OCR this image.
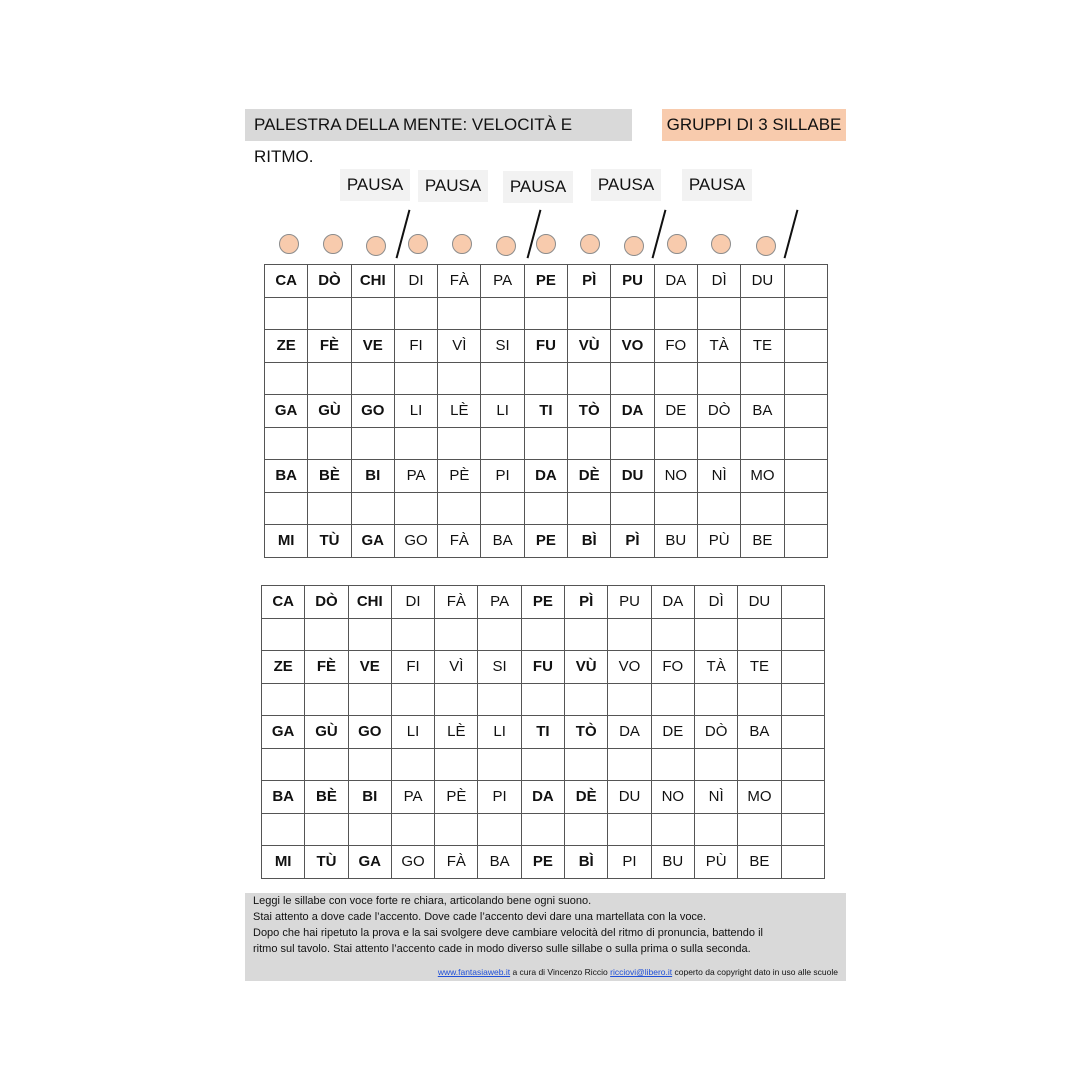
PALESTRA DELLA MENTE: VELOCITÀ E RITMO.
GRUPPI DI 3 SILLABE
PAUSA	PAUSA	PAUSA	PAUSA	PAUSA
CA	DÒ	CHI	DI	FÀ	PA	PE	PÌ	PU	DA	DÌ	DU	

ZE	FÈ	VE	FI	VÌ	SI	FU	VÙ	VO	FO	TÀ	TE	

GA	GÙ	GO	LI	LÈ	LI	TI	TÒ	DA	DE	DÒ	BA	

BA	BÈ	BI	PA	PÈ	PI	DA	DÈ	DU	NO	NÌ	MO	

MI	TÙ	GA	GO	FÀ	BA	PE	BÌ	PÌ	BU	PÙ	BE	
CA	DÒ	CHI	DI	FÀ	PA	PE	PÌ	PU	DA	DÌ	DU	

ZE	FÈ	VE	FI	VÌ	SI	FU	VÙ	VO	FO	TÀ	TE	

GA	GÙ	GO	LI	LÈ	LI	TI	TÒ	DA	DE	DÒ	BA	

BA	BÈ	BI	PA	PÈ	PI	DA	DÈ	DU	NO	NÌ	MO	

MI	TÙ	GA	GO	FÀ	BA	PE	BÌ	PI	BU	PÙ	BE	

Leggi le sillabe con voce forte re chiara, articolando bene ogni suono.

Stai attento a dove cade l’accento. Dove cade l’accento devi dare una martellata con la voce.

Dopo che hai ripetuto la prova e la sai svolgere deve cambiare velocità del ritmo di pronuncia, battendo il

ritmo sul tavolo. Stai attento l’accento cade in modo diverso sulle sillabe o sulla prima o sulla seconda.

www.fantasiaweb.it a cura di Vincenzo Riccio ricciovi@libero.it coperto da copyright dato in uso alle scuole
